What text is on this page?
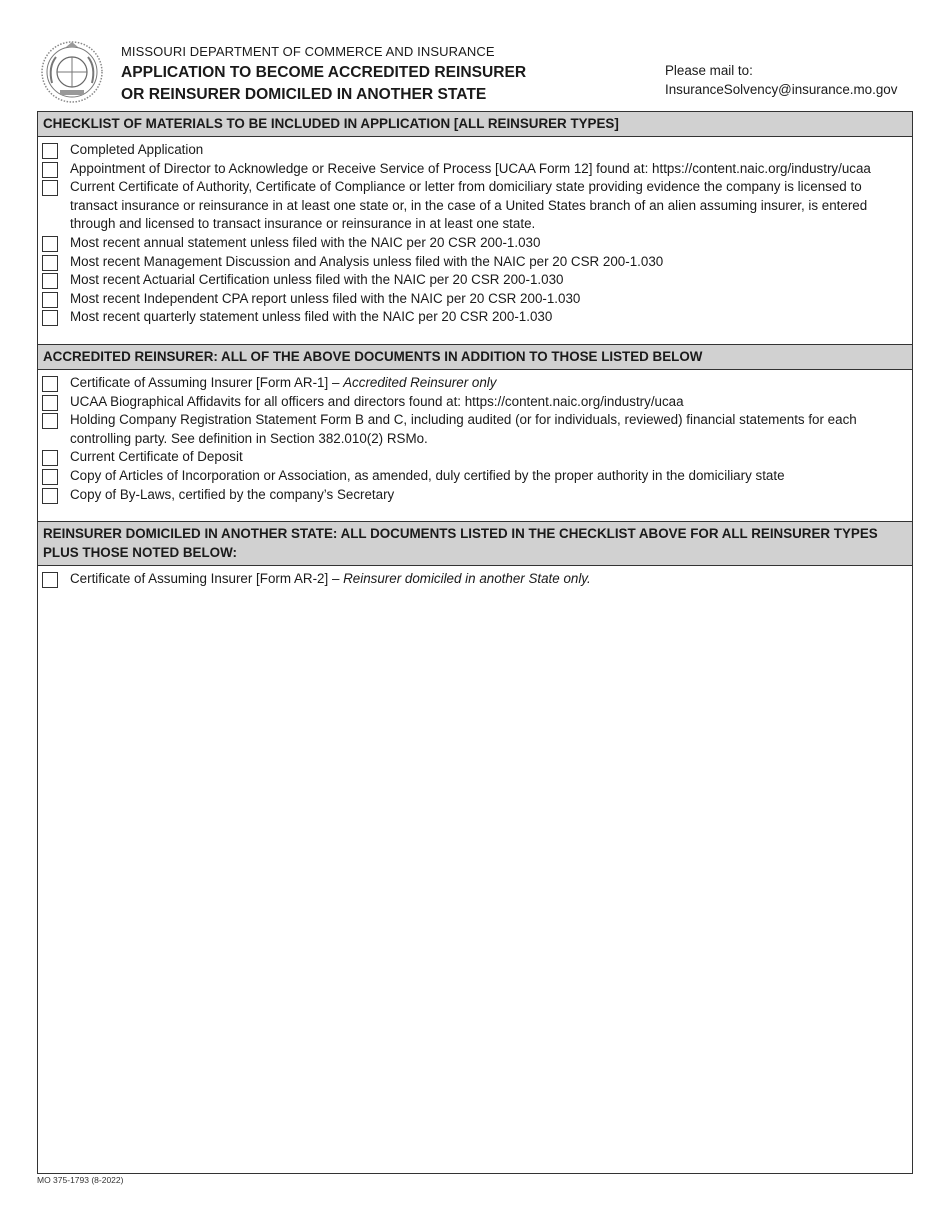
MISSOURI DEPARTMENT OF COMMERCE AND INSURANCE
APPLICATION TO BECOME ACCREDITED REINSURER
OR REINSURER DOMICILED IN ANOTHER STATE
Please mail to:
InsuranceSolvency@insurance.mo.gov
CHECKLIST OF MATERIALS TO BE INCLUDED IN APPLICATION [ALL REINSURER TYPES]
Completed Application
Appointment of Director to Acknowledge or Receive Service of Process [UCAA Form 12] found at: https://content.naic.org/industry/ucaa
Current Certificate of Authority, Certificate of Compliance or letter from domiciliary state providing evidence the company is licensed to transact insurance or reinsurance in at least one state or, in the case of a United States branch of an alien assuming insurer, is entered through and licensed to transact insurance or reinsurance in at least one state.
Most recent annual statement unless filed with the NAIC per 20 CSR 200-1.030
Most recent Management Discussion and Analysis unless filed with the NAIC per 20 CSR 200-1.030
Most recent Actuarial Certification unless filed with the NAIC per 20 CSR 200-1.030
Most recent Independent CPA report unless filed with the NAIC per 20 CSR 200-1.030
Most recent quarterly statement unless filed with the NAIC per 20 CSR 200-1.030
ACCREDITED REINSURER: ALL OF THE ABOVE DOCUMENTS IN ADDITION TO THOSE LISTED BELOW
Certificate of Assuming Insurer [Form AR-1] – Accredited Reinsurer only
UCAA Biographical Affidavits for all officers and directors found at: https://content.naic.org/industry/ucaa
Holding Company Registration Statement Form B and C, including audited (or for individuals, reviewed) financial statements for each controlling party. See definition in Section 382.010(2) RSMo.
Current Certificate of Deposit
Copy of Articles of Incorporation or Association, as amended, duly certified by the proper authority in the domiciliary state
Copy of By-Laws, certified by the company’s Secretary
REINSURER DOMICILED IN ANOTHER STATE: ALL DOCUMENTS LISTED IN THE CHECKLIST ABOVE FOR ALL REINSURER TYPES PLUS THOSE NOTED BELOW:
Certificate of Assuming Insurer [Form AR-2] – Reinsurer domiciled in another State only.
MO 375-1793 (8-2022)
